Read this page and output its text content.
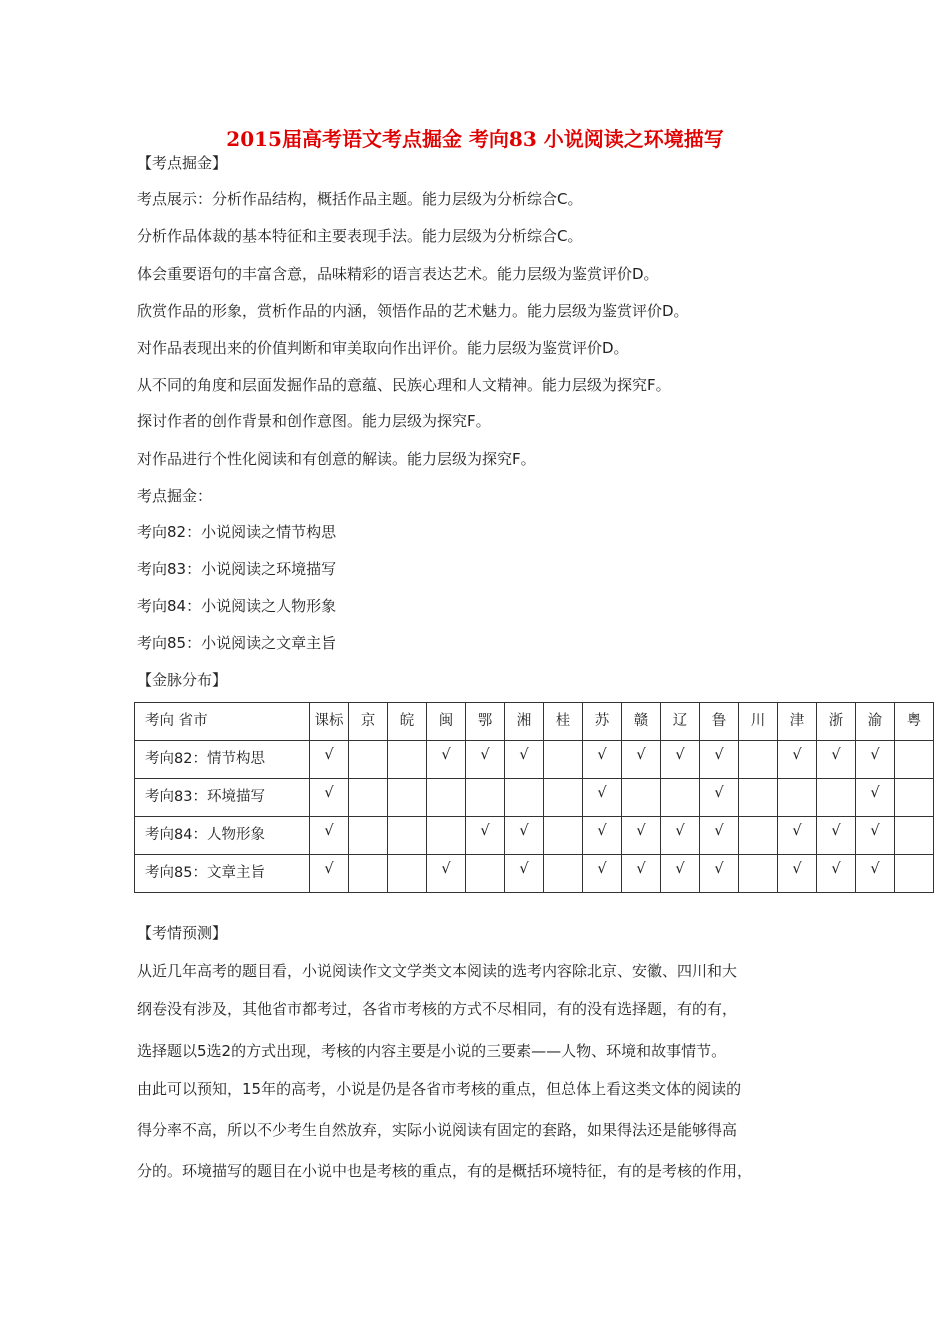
2015届高考语文考点掘金 考向83 小说阅读之环境描写
【考点掘金】
考点展示：分析作品结构，概括作品主题。能力层级为分析综合C。
分析作品体裁的基本特征和主要表现手法。能力层级为分析综合C。
体会重要语句的丰富含意，品味精彩的语言表达艺术。能力层级为鉴赏评价D。
欣赏作品的形象，赏析作品的内涵，领悟作品的艺术魅力。能力层级为鉴赏评价D。
对作品表现出来的价值判断和审美取向作出评价。能力层级为鉴赏评价D。
从不同的角度和层面发掘作品的意蕴、民族心理和人文精神。能力层级为探究F。
探讨作者的创作背景和创作意图。能力层级为探究F。
对作品进行个性化阅读和有创意的解读。能力层级为探究F。
考点掘金：
考向82：小说阅读之情节构思
考向83：小说阅读之环境描写
考向84：小说阅读之人物形象
考向85：小说阅读之文章主旨
【金脉分布】
考向 省市	课标	京	皖	闽	鄂	湘	桂	苏	赣	辽	鲁	川	津	浙	渝	粤

考向82：情节构思	√			√	√	√		√	√	√	√		√	√	√	

考向83：环境描写	√							√			√				√	

考向84：人物形象	√				√	√		√	√	√	√		√	√	√	

考向85：文章主旨	√			√		√		√	√	√	√		√	√	√	

【考情预测】
从近几年高考的题目看，小说阅读作文文学类文本阅读的选考内容除北京、安徽、四川和大
纲卷没有涉及，其他省市都考过，各省市考核的方式不尽相同，有的没有选择题，有的有，
选择题以5选2的方式出现，考核的内容主要是小说的三要素——人物、环境和故事情节。
由此可以预知，15年的高考，小说是仍是各省市考核的重点，但总体上看这类文体的阅读的
得分率不高，所以不少考生自然放弃，实际小说阅读有固定的套路，如果得法还是能够得高
分的。环境描写的题目在小说中也是考核的重点，有的是概括环境特征，有的是考核的作用，
